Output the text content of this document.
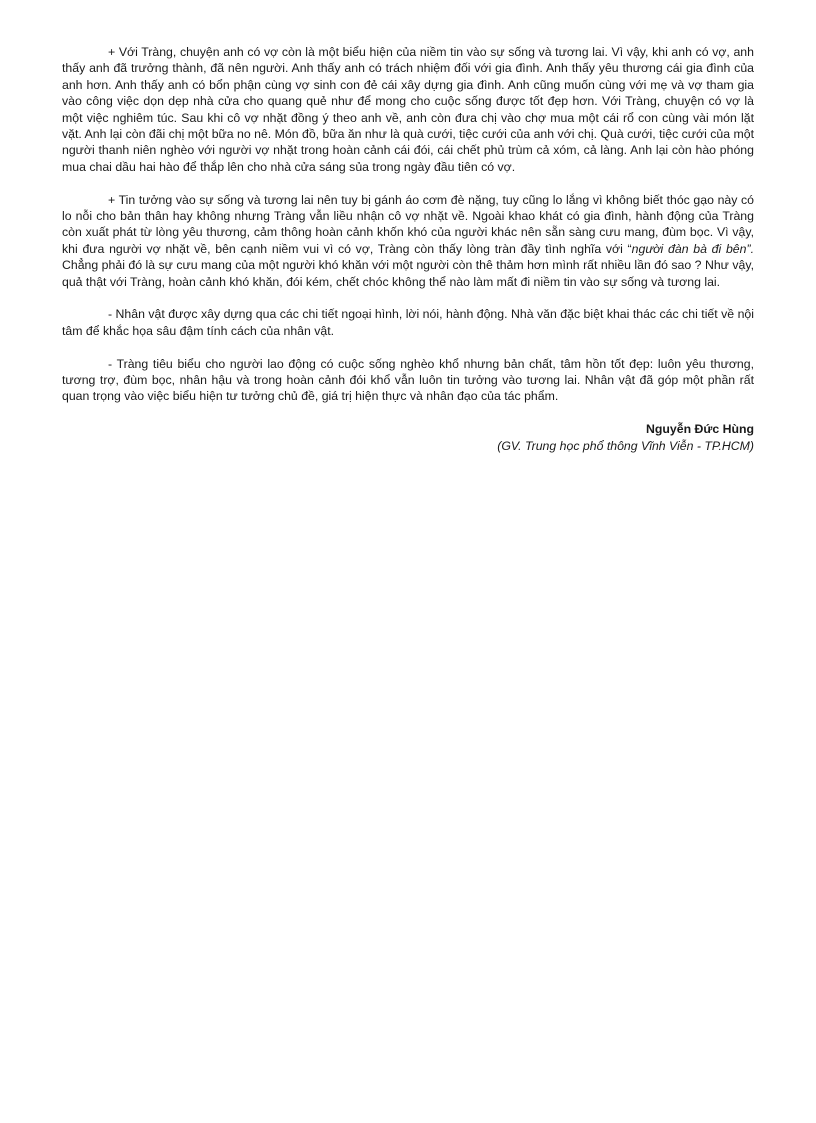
+ Với Tràng, chuyện anh có vợ còn là một biểu hiện của niềm tin vào sự sống và tương lai. Vì vậy, khi anh có vợ, anh thấy anh đã trưởng thành, đã nên người. Anh thấy anh có trách nhiệm đối với gia đình. Anh thấy yêu thương cái gia đình của anh hơn. Anh thấy anh có bổn phận cùng vợ sinh con đẻ cái xây dựng gia đình. Anh cũng muốn cùng với mẹ và vợ tham gia vào công việc dọn dẹp nhà cửa cho quang quẻ như để mong cho cuộc sống được tốt đẹp hơn. Với Tràng, chuyện có vợ là một việc nghiêm túc. Sau khi cô vợ nhặt đồng ý theo anh về, anh còn đưa chị vào chợ mua một cái rổ con cùng vài món lặt vặt. Anh lại còn đãi chị một bữa no nê. Món đồ, bữa ăn như là quà cưới, tiệc cưới của anh với chị. Quà cưới, tiệc cưới của một người thanh niên nghèo với người vợ nhặt trong hoàn cảnh cái đói, cái chết phủ trùm cả xóm, cả làng. Anh lại còn hào phóng mua chai dầu hai hào để thắp lên cho nhà cửa sáng sủa trong ngày đầu tiên có vợ.

+ Tin tưởng vào sự sống và tương lai nên tuy bị gánh áo cơm đè nặng, tuy cũng lo lắng vì không biết thóc gạo này có lo nỗi cho bản thân hay không nhưng Tràng vẫn liều nhận cô vợ nhặt về. Ngoài khao khát có gia đình, hành động của Tràng còn xuất phát từ lòng yêu thương, cảm thông hoàn cảnh khốn khó của người khác nên sẵn sàng cưu mang, đùm bọc. Vì vậy, khi đưa người vợ nhặt về, bên cạnh niềm vui vì có vợ, Tràng còn thấy lòng tràn đầy tình nghĩa với “người đàn bà đi bên”. Chẳng phải đó là sự cưu mang của một người khó khăn với một người còn thê thảm hơn mình rất nhiều lần đó sao ? Như vậy, quả thật với Tràng, hoàn cảnh khó khăn, đói kém, chết chóc không thể nào làm mất đi niềm tin vào sự sống và tương lai.

- Nhân vật được xây dựng qua các chi tiết ngoại hình, lời nói, hành động. Nhà văn đặc biệt khai thác các chi tiết về nội tâm để khắc họa sâu đậm tính cách của nhân vật.

- Tràng tiêu biểu cho người lao động có cuộc sống nghèo khổ nhưng bản chất, tâm hồn tốt đẹp: luôn yêu thương, tương trợ, đùm bọc, nhân hậu và trong hoàn cảnh đói khổ vẫn luôn tin tưởng vào tương lai. Nhân vật đã góp một phần rất quan trọng vào việc biểu hiện tư tưởng chủ đề, giá trị hiện thực và nhân đạo của tác phẩm.

Nguyễn Đức Hùng
(GV. Trung học phổ thông Vĩnh Viễn - TP.HCM)
